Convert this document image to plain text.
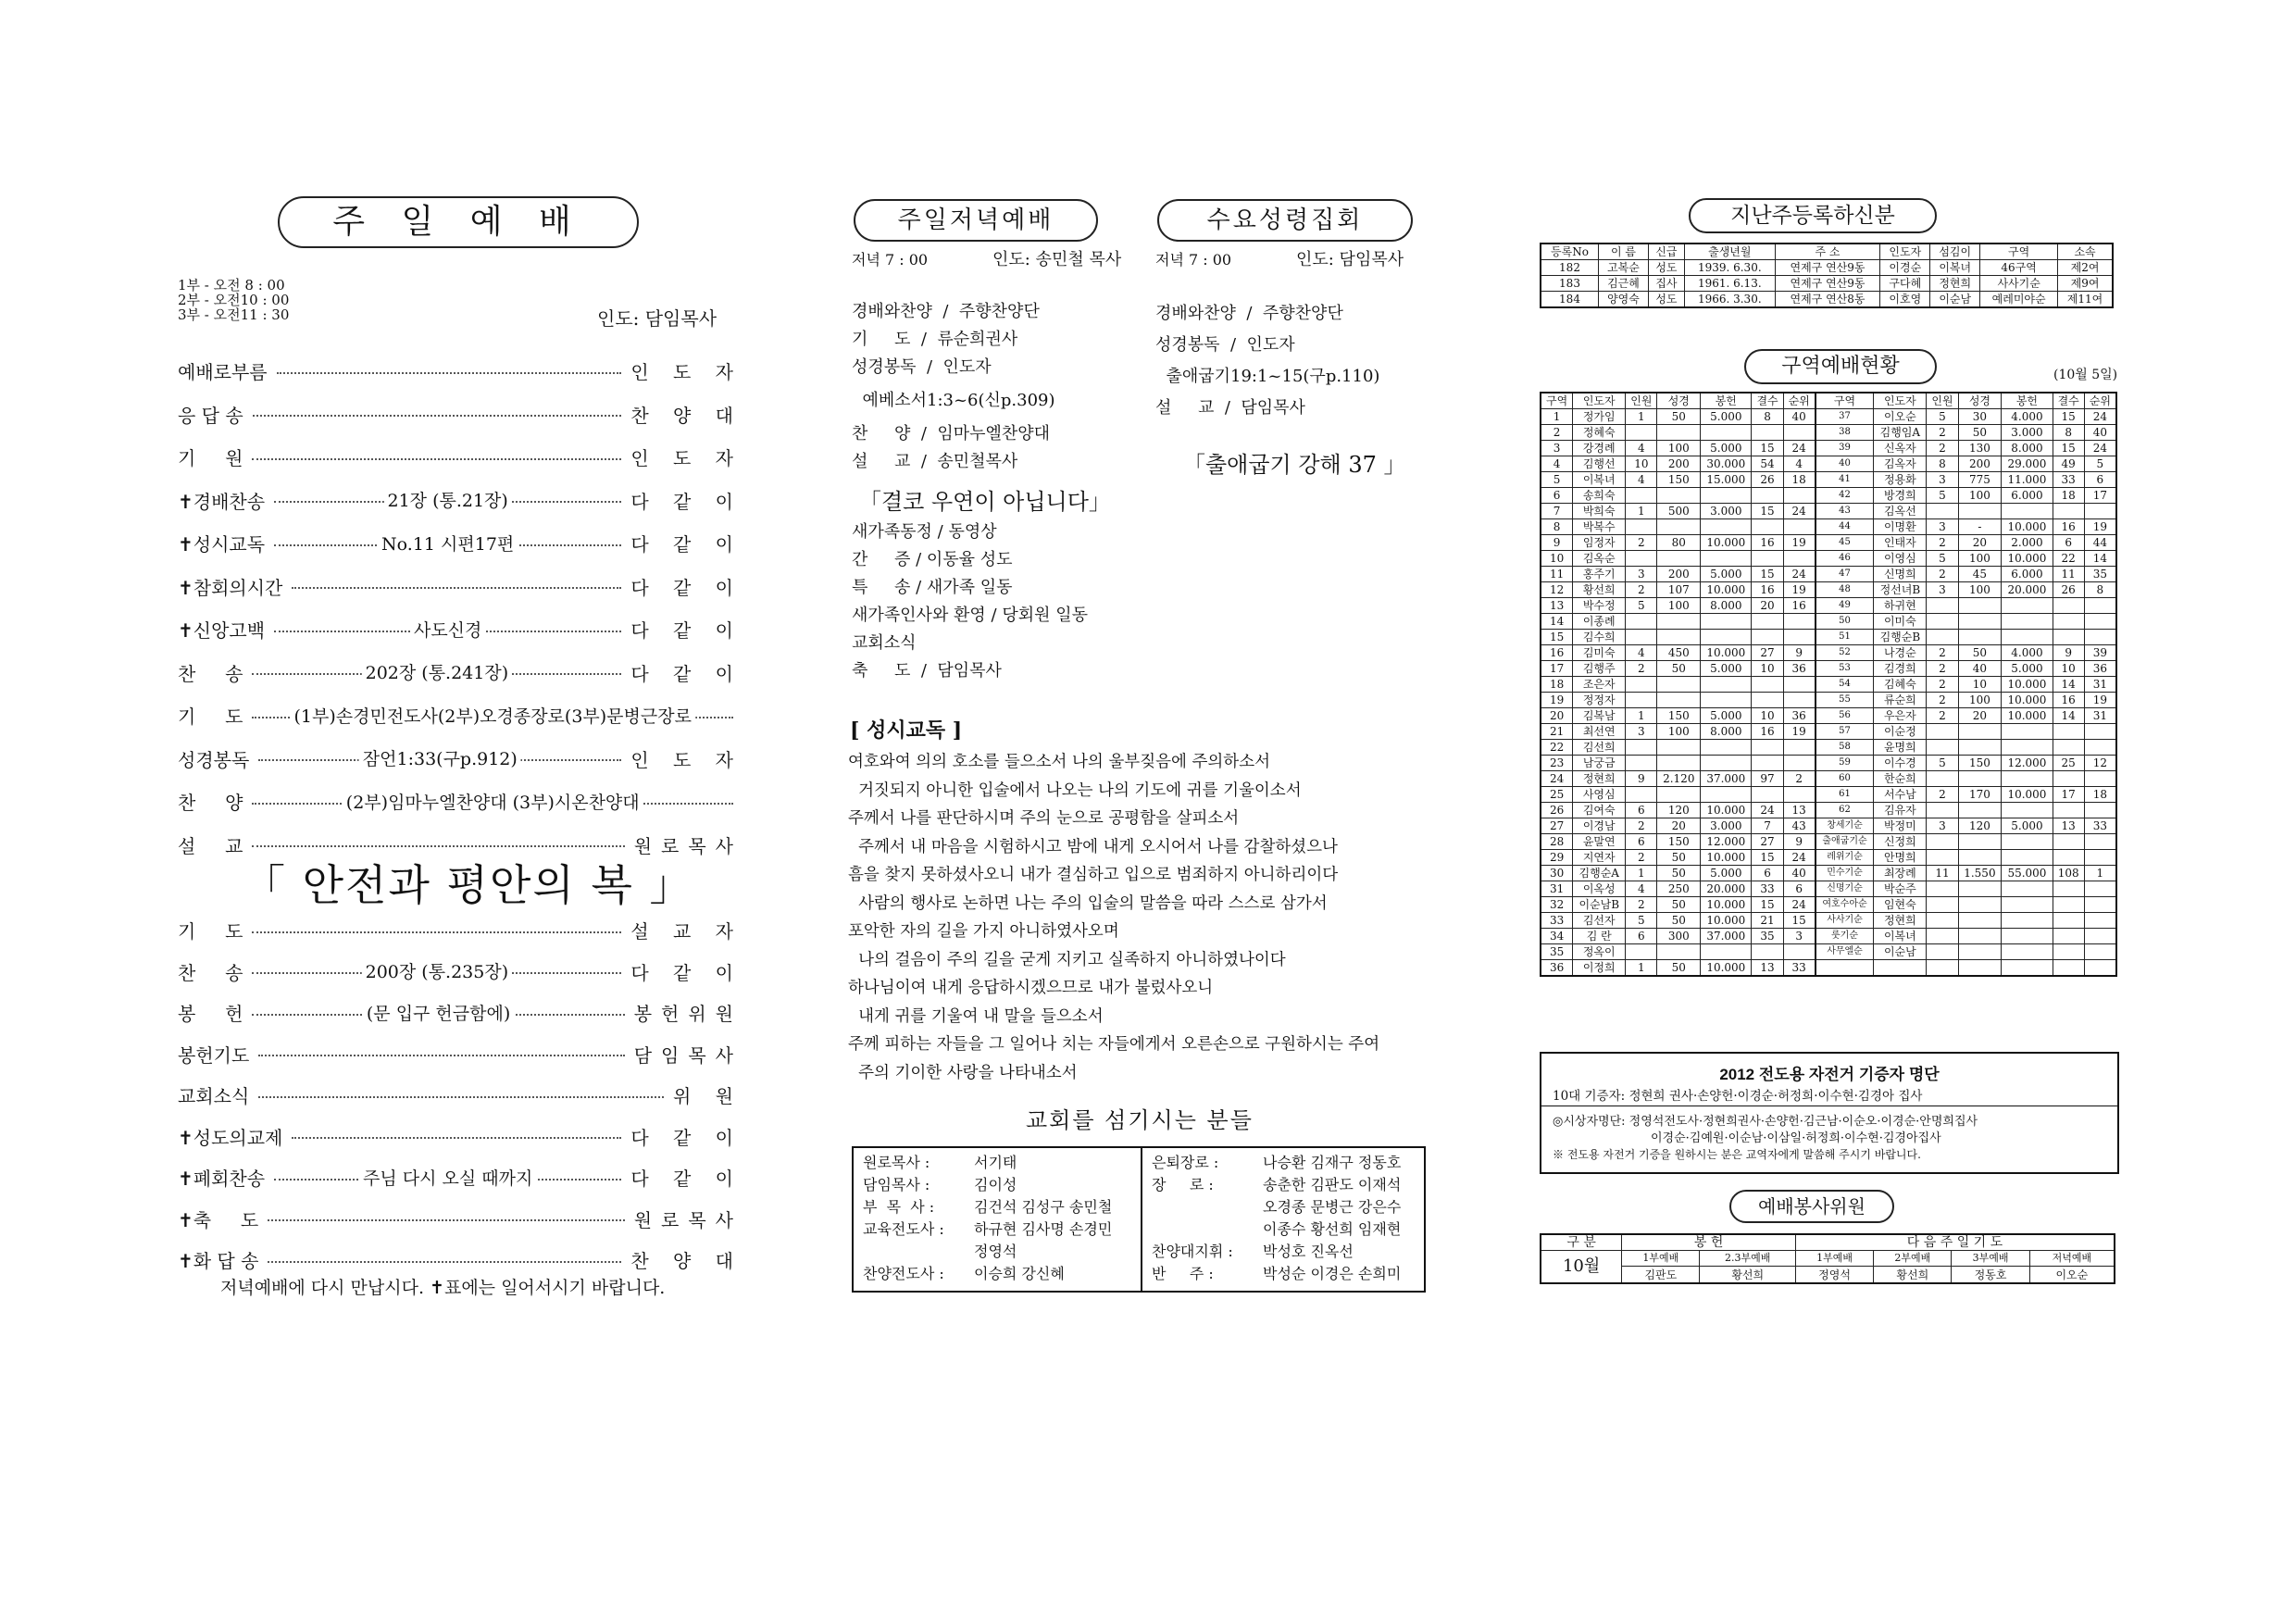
주 일 예 배
1부 - 오전 8 : 00
2부 - 오전10 : 00
3부 - 오전11 : 30	인도: 담임목사
예배로부름	인 도 자
응 답 송	찬 양 대
기     원	인 도 자
✝경배찬송	21장 (통.21장)	다 같 이
✝성시교독	No.11 시편17편	다 같 이
✝참회의시간	다 같 이
✝신앙고백	사도신경	다 같 이
찬     송	202장 (통.241장)	다 같 이
기     도	(1부)손경민전도사(2부)오경종장로(3부)문병근장로
성경봉독	잠언1:33(구p.912)	인 도 자
찬     양	(2부)임마누엘찬양대 (3부)시온찬양대
설     교	원로목사
「 안전과 평안의 복 」
기     도	설 교 자
찬     송	200장 (통.235장)	다 같 이
봉     헌	(문 입구 헌금함에)	봉헌위원
봉헌기도	담임목사
교회소식	위 원
✝성도의교제	다 같 이
✝폐회찬송	주님 다시 오실 때까지	다 같 이
✝축     도	원로목사
✝화 답 송	찬 양 대
저녁예배에 다시 만납시다. ✝표에는 일어서시기 바랍니다.
주일저녁예배	수요성령집회
저녁 7 : 00	인도: 송민철 목사
경배와찬양  /  주향찬양단
기     도  /  류순희권사
성경봉독  /  인도자
예베소서1:3~6(신p.309)
찬     양  /  임마누엘찬양대
설     교  /  송민철목사
「결코 우연이 아닙니다」
새가족동정 / 동영상
간     증 / 이동율 성도
특     송 / 새가족 일동
새가족인사와 환영 / 당회원 일동
교회소식
축     도  /  담임목사
저녁 7 : 00	인도: 담임목사
경배와찬양  /  주향찬양단
성경봉독  /  인도자
출애굽기19:1~15(구p.110)
설     교  /  담임목사
「출애굽기 강해 37 」
[ 성시교독 ]
여호와여 의의 호소를 들으소서 나의 울부짖음에 주의하소서
거짓되지 아니한 입술에서 나오는 나의 기도에 귀를 기울이소서
주께서 나를 판단하시며 주의 눈으로 공평함을 살피소서
주께서 내 마음을 시험하시고 밤에 내게 오시어서 나를 감찰하셨으나
흠을 찾지 못하셨사오니 내가 결심하고 입으로 범죄하지 아니하리이다
사람의 행사로 논하면 나는 주의 입술의 말씀을 따라 스스로 삼가서
포악한 자의 길을 가지 아니하였사오며
나의 걸음이 주의 길을 굳게 지키고 실족하지 아니하였나이다
하나님이여 내게 응답하시겠으므로 내가 불렀사오니
내게 귀를 기울여 내 말을 들으소서
주께 피하는 자들을 그 일어나 치는 자들에게서 오른손으로 구원하시는 주여
주의 기이한 사랑을 나타내소서
교회를 섬기시는 분들
원로목사 :	서기태
담임목사 :	김이성
부  목  사 :	김건석 김성구 송민철
교육전도사 :	하규현 김사명 손경민
정영석
찬양전도사 :	이승희 강신혜
은퇴장로 :	나승환 김재구 정동호
장     로 :	송춘한 김판도 이재석
오경종 문병근 강은수
이종수 황선희 임재현
찬양대지휘 :	박성호 진옥선
반     주 :	박성순 이경은 손희미
지난주등록하신분
등록No	이 름	신급	출생년월	주 소	인도자	섬김이	구역	소속
182	고복순	성도	1939. 6.30.	연제구 연산9동	이경순	이복녀	46구역	제2여
183	김근혜	집사	1961. 6.13.	연제구 연산9동	구다혜	정현희	사사기순	제9여
184	양영숙	성도	1966. 3.30.	연제구 연산8동	이호영	이순남	예레미야순	제11여
구역예배현황	(10월 5일)
구역	인도자	인원	성경	봉헌	결수	순위	구역	인도자	인원	성경	봉헌	결수	순위
1	정가임	1	50	5.000	8	40	37	이오순	5	30	4.000	15	24
2	정혜숙						38	김행임A	2	50	3.000	8	40
3	강경례	4	100	5.000	15	24	39	신옥자	2	130	8.000	15	24
4	김행선	10	200	30.000	54	4	40	김옥자	8	200	29.000	49	5
5	이복녀	4	150	15.000	26	18	41	정용화	3	775	11.000	33	6
6	송희숙						42	방경희	5	100	6.000	18	17
7	박희숙	1	500	3.000	15	24	43	김옥선					
8	박복수						44	이명환	3	-	10.000	16	19
9	임정자	2	80	10.000	16	19	45	인태자	2	20	2.000	6	44
10	김옥순						46	이영심	5	100	10.000	22	14
11	홍주기	3	200	5.000	15	24	47	신명희	2	45	6.000	11	35
12	황선희	2	107	10.000	16	19	48	정선녀B	3	100	20.000	26	8
13	박수정	5	100	8.000	20	16	49	하귀현					
14	이종례						50	이미숙					
15	김수희						51	김행순B					
16	김미숙	4	450	10.000	27	9	52	나경순	2	50	4.000	9	39
17	김행주	2	50	5.000	10	36	53	김경희	2	40	5.000	10	36
18	조은자						54	김혜숙	2	10	10.000	14	31
19	정정자						55	류순희	2	100	10.000	16	19
20	김복남	1	150	5.000	10	36	56	우은자	2	20	10.000	14	31
21	최선연	3	100	8.000	16	19	57	이순정					
22	김선희						58	윤명희					
23	남궁금						59	이수경	5	150	12.000	25	12
24	정현희	9	2.120	37.000	97	2	60	한순희					
25	사영심						61	서수남	2	170	10.000	17	18
26	김여숙	6	120	10.000	24	13	62	김유자					
27	이경남	2	20	3.000	7	43	창세기순	박정미	3	120	5.000	13	33
28	윤말연	6	150	12.000	27	9	출애굽기순	신정희					
29	지연자	2	50	10.000	15	24	레위기순	안명희					
30	김행순A	1	50	5.000	6	40	민수기순	최장례	11	1.550	55.000	108	1
31	이옥성	4	250	20.000	33	6	신명기순	박순주					
32	이순남B	2	50	10.000	15	24	여호수아순	임현숙					
33	김선자	5	50	10.000	21	15	사사기순	정현희					
34	김 란	6	300	37.000	35	3	룻기순	이복녀					
35	정옥이						사무엘순	이순남					
36	이정희	1	50	10.000	13	33							
2012 전도용 자전거 기증자 명단
10대 기증자: 정현희 권사·손양헌·이경순·허정희·이수현·김경아 집사
◎시상자명단: 정영석전도사·정현희권사·손양헌·김근남·이순오·이경순·안명희집사
이경순·김예원·이순남·이삼일·허정희·이수현·김경아집사
※ 전도용 자전거 기증을 원하시는 분은 교역자에게 말씀해 주시기 바랍니다.
예배봉사위원
구 분	봉 헌		다 음 주 일 기 도			
10월	1부예배	2.3부예배	1부예배	2부예배	3부예배	저녁예배
	김판도	황선희	정영석	황선희	정동호	이오순
